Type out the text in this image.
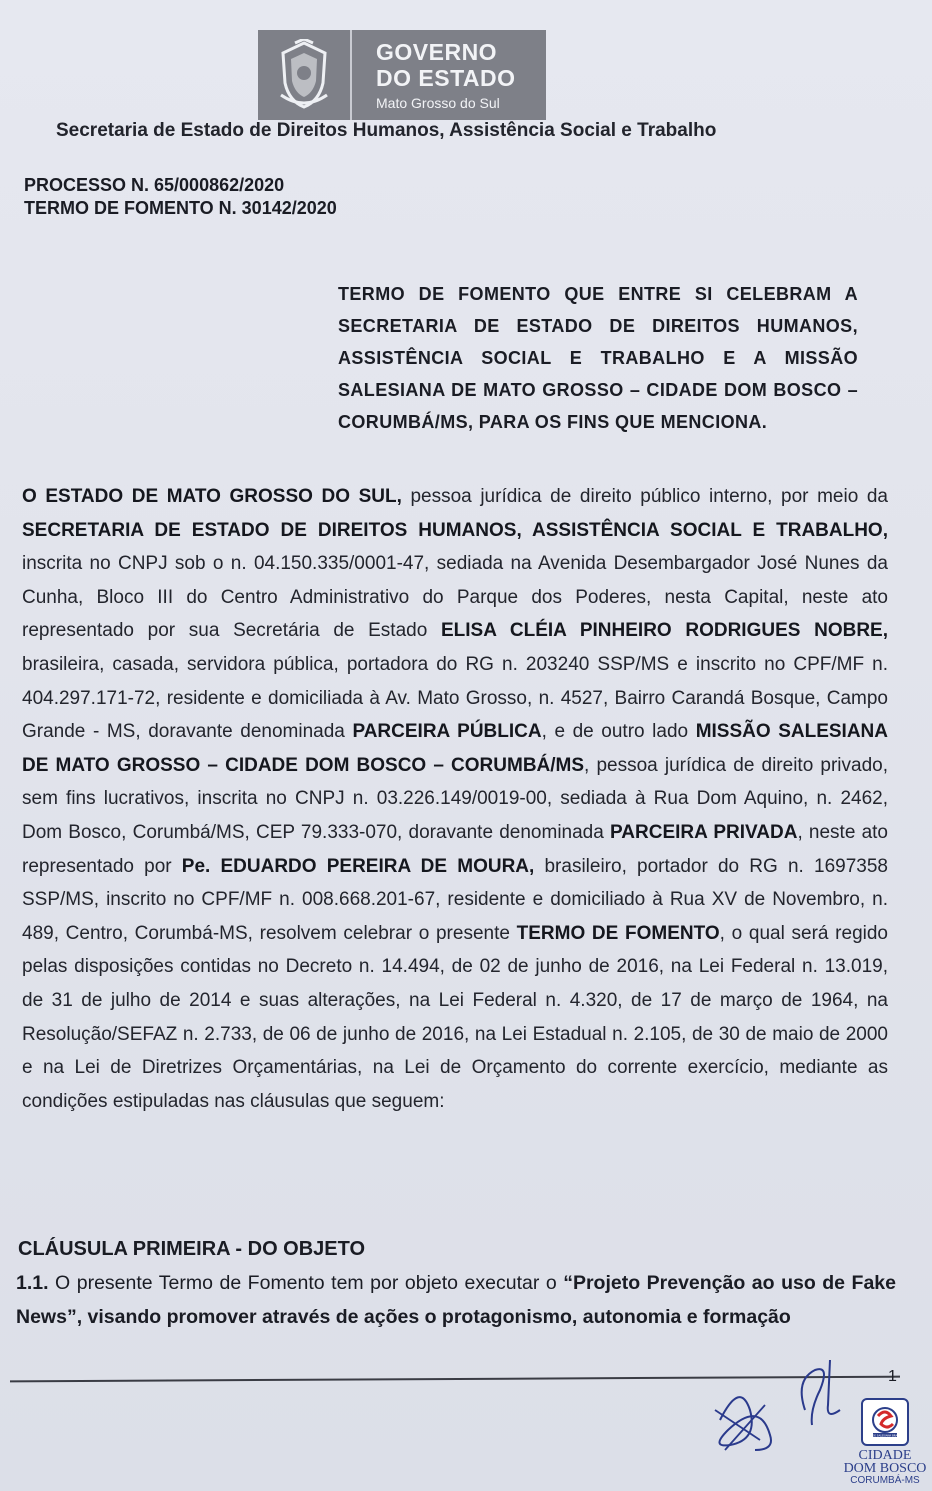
GOVERNO
DO ESTADO
Mato Grosso do Sul
Secretaria de Estado de Direitos Humanos, Assistência Social e Trabalho
PROCESSO N. 65/000862/2020
TERMO DE FOMENTO N. 30142/2020
TERMO DE FOMENTO QUE ENTRE SI CELEBRAM A SECRETARIA DE ESTADO DE DIREITOS HUMANOS, ASSISTÊNCIA SOCIAL E TRABALHO E A MISSÃO SALESIANA DE MATO GROSSO – CIDADE DOM BOSCO – CORUMBÁ/MS, PARA OS FINS QUE MENCIONA.
O ESTADO DE MATO GROSSO DO SUL, pessoa jurídica de direito público interno, por meio da SECRETARIA DE ESTADO DE DIREITOS HUMANOS, ASSISTÊNCIA SOCIAL E TRABALHO, inscrita no CNPJ sob o n. 04.150.335/0001-47, sediada na Avenida Desembargador José Nunes da Cunha, Bloco III do Centro Administrativo do Parque dos Poderes, nesta Capital, neste ato representado por sua Secretária de Estado ELISA CLÉIA PINHEIRO RODRIGUES NOBRE, brasileira, casada, servidora pública, portadora do RG n. 203240 SSP/MS e inscrito no CPF/MF n. 404.297.171-72, residente e domiciliada à Av. Mato Grosso, n. 4527, Bairro Carandá Bosque, Campo Grande - MS, doravante denominada PARCEIRA PÚBLICA, e de outro lado MISSÃO SALESIANA DE MATO GROSSO – CIDADE DOM BOSCO – CORUMBÁ/MS, pessoa jurídica de direito privado, sem fins lucrativos, inscrita no CNPJ n. 03.226.149/0019-00, sediada à Rua Dom Aquino, n. 2462, Dom Bosco, Corumbá/MS, CEP 79.333-070, doravante denominada PARCEIRA PRIVADA, neste ato representado por Pe. EDUARDO PEREIRA DE MOURA, brasileiro, portador do RG n. 1697358 SSP/MS, inscrito no CPF/MF n. 008.668.201-67, residente e domiciliado à Rua XV de Novembro, n. 489, Centro, Corumbá-MS, resolvem celebrar o presente TERMO DE FOMENTO, o qual será regido pelas disposições contidas no Decreto n. 14.494, de 02 de junho de 2016, na Lei Federal n. 13.019, de 31 de julho de 2014 e suas alterações, na Lei Federal n. 4.320, de 17 de março de 1964, na Resolução/SEFAZ n. 2.733, de 06 de junho de 2016, na Lei Estadual n. 2.105, de 30 de maio de 2000 e na Lei de Diretrizes Orçamentárias, na Lei de Orçamento do corrente exercício, mediante as condições estipuladas nas cláusulas que seguem:
CLÁUSULA PRIMEIRA - DO OBJETO
1.1. O presente Termo de Fomento tem por objeto executar o “Projeto Prevenção ao uso de Fake News”, visando promover através de ações o protagonismo, autonomia e formação
1
REDE SALESIANA BRASIL
CIDADE
DOM BOSCO
CORUMBÁ-MS
